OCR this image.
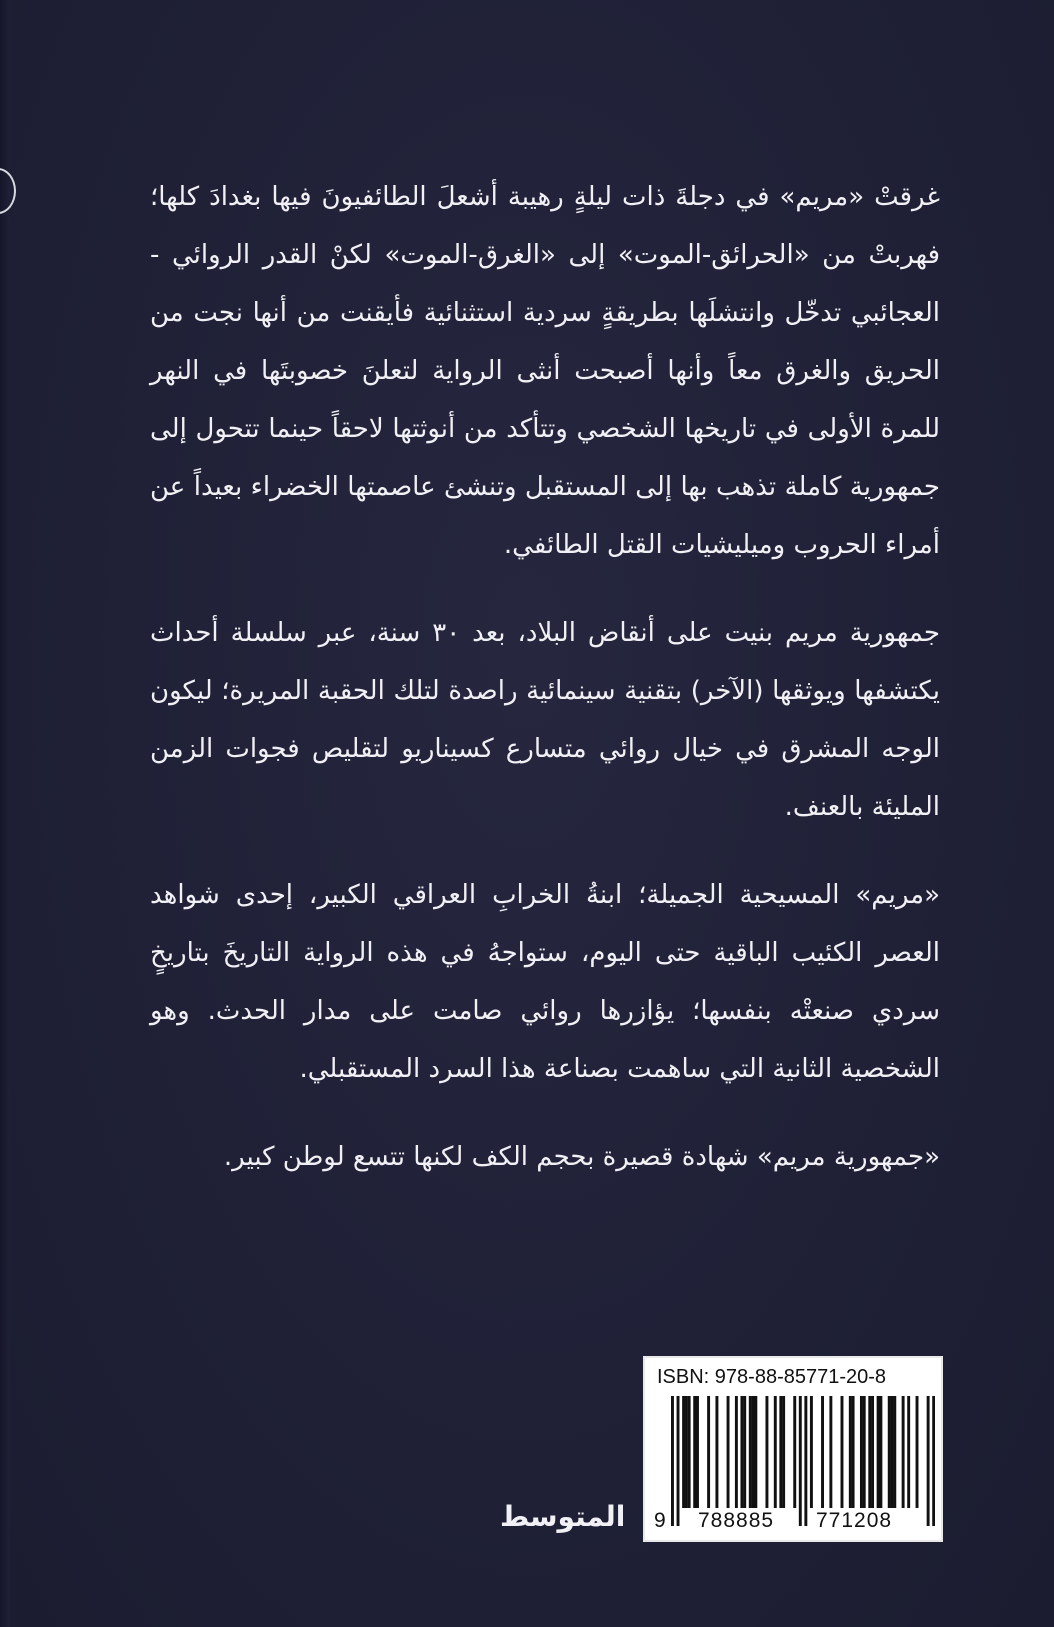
غرقتْ «مريم» في دجلةَ ذات ليلةٍ رهيبة أشعلَ الطائفيونَ فيها بغدادَ كلها؛ فهربتْ من «الحرائق-الموت» إلى «الغرق-الموت» لكنْ القدر الروائي - العجائبي تدخّل وانتشلَها بطريقةٍ سردية استثنائية فأيقنت من أنها نجت من الحريق والغرق معاً وأنها أصبحت أنثى الرواية لتعلنَ خصوبتَها في النهر للمرة الأولى في تاريخها الشخصي وتتأكد من أنوثتها لاحقاً حينما تتحول إلى جمهورية كاملة تذهب بها إلى المستقبل وتنشئ عاصمتها الخضراء بعيداً عن أمراء الحروب وميليشيات القتل الطائفي.

جمهورية مريم بنيت على أنقاض البلاد، بعد ٣٠ سنة، عبر سلسلة أحداث يكتشفها ويوثقها (الآخر) بتقنية سينمائية راصدة لتلك الحقبة المريرة؛ ليكون الوجه المشرق في خيال روائي متسارع كسيناريو لتقليص فجوات الزمن المليئة بالعنف.

«مريم» المسيحية الجميلة؛ ابنةُ الخرابِ العراقي الكبير، إحدى شواهد العصر الكئيب الباقية حتى اليوم، ستواجهُ في هذه الرواية التاريخَ بتاريخٍ سردي صنعتْه بنفسها؛ يؤازرها روائي صامت على مدار الحدث. وهو الشخصية الثانية التي ساهمت بصناعة هذا السرد المستقبلي.

«جمهورية مريم» شهادة قصيرة بحجم الكف لكنها تتسع لوطن كبير.

ISBN: 978-88-85771-20-8
9 788885 771208
المتوسط
